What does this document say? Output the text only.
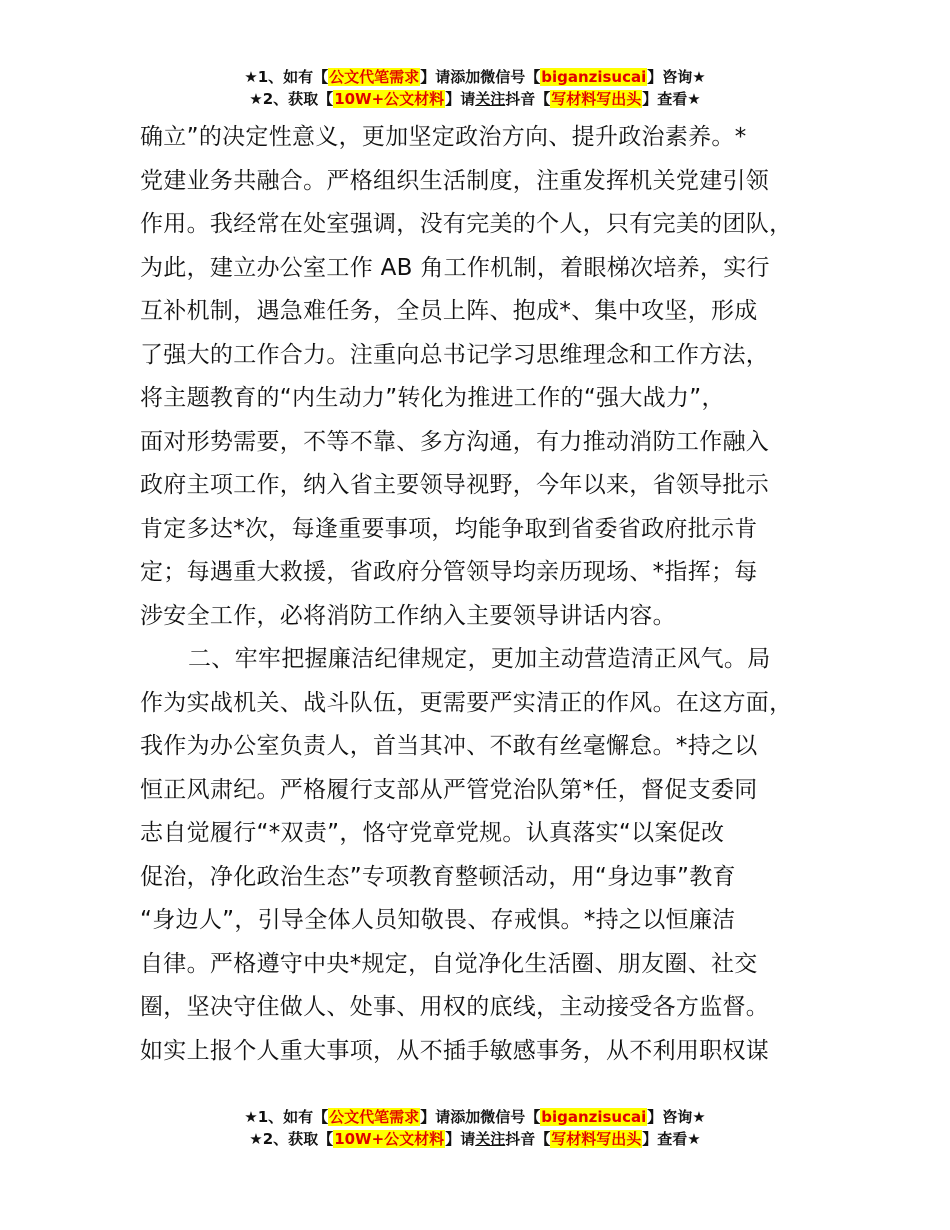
★1、如有【公文代笔需求】请添加微信号【biganzisucai】咨询★
★2、获取【10W+公文材料】请关注抖音【写材料写出头】查看★
确立”的决定性意义，更加坚定政治方向、提升政治素养。*
党建业务共融合。严格组织生活制度，注重发挥机关党建引领
作用。我经常在处室强调，没有完美的个人，只有完美的团队，
为此，建立办公室工作 AB 角工作机制，着眼梯次培养，实行
互补机制，遇急难任务，全员上阵、抱成*、集中攻坚，形成
了强大的工作合力。注重向总书记学习思维理念和工作方法，
将主题教育的“内生动力”转化为推进工作的“强大战力”，
面对形势需要，不等不靠、多方沟通，有力推动消防工作融入
政府主项工作，纳入省主要领导视野，今年以来，省领导批示
肯定多达*次，每逢重要事项，均能争取到省委省政府批示肯
定；每遇重大救援，省政府分管领导均亲历现场、*指挥；每
涉安全工作，必将消防工作纳入主要领导讲话内容。
二、牢牢把握廉洁纪律规定，更加主动营造清正风气。局
作为实战机关、战斗队伍，更需要严实清正的作风。在这方面，
我作为办公室负责人，首当其冲、不敢有丝毫懈怠。*持之以
恒正风肃纪。严格履行支部从严管党治队第*任，督促支委同
志自觉履行“*双责”，恪守党章党规。认真落实“以案促改
促治，净化政治生态”专项教育整顿活动，用“身边事”教育
“身边人”，引导全体人员知敬畏、存戒惧。*持之以恒廉洁
自律。严格遵守中央*规定，自觉净化生活圈、朋友圈、社交
圈，坚决守住做人、处事、用权的底线，主动接受各方监督。
如实上报个人重大事项，从不插手敏感事务，从不利用职权谋
★1、如有【公文代笔需求】请添加微信号【biganzisucai】咨询★
★2、获取【10W+公文材料】请关注抖音【写材料写出头】查看★
